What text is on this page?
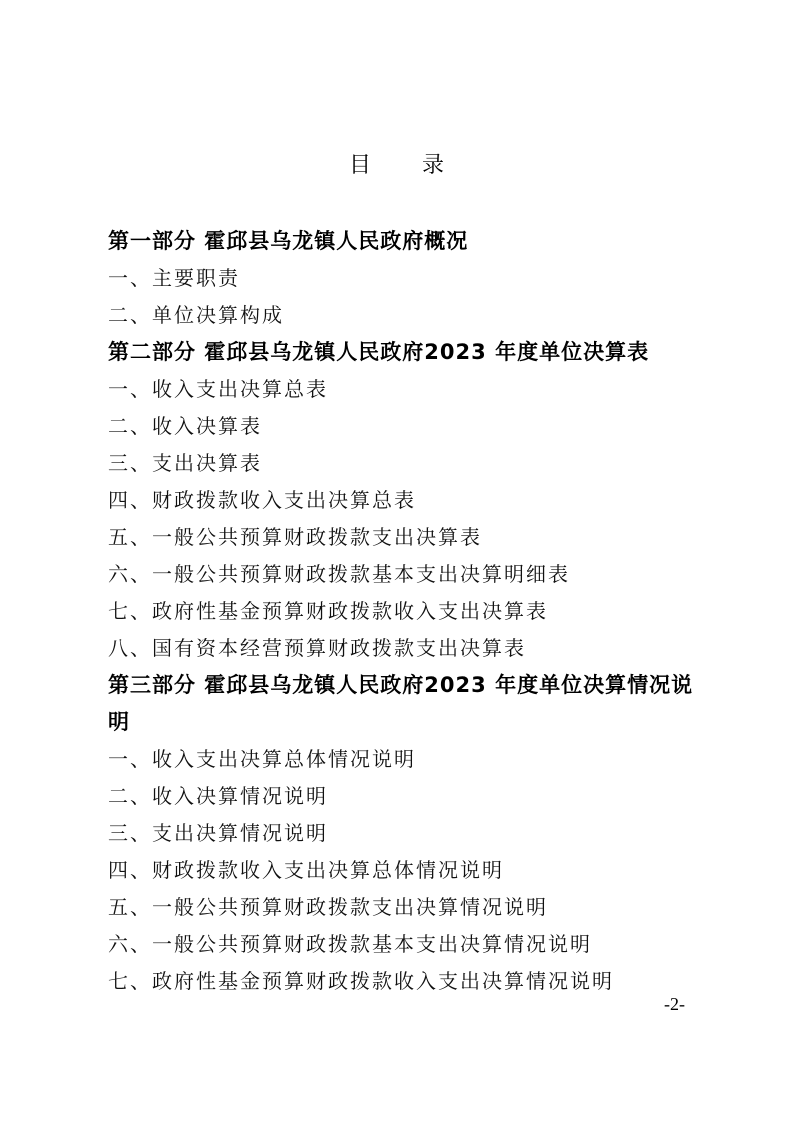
目 录
第一部分 霍邱县乌龙镇人民政府概况
一、主要职责
二、单位决算构成
第二部分 霍邱县乌龙镇人民政府2023 年度单位决算表
一、收入支出决算总表
二、收入决算表
三、支出决算表
四、财政拨款收入支出决算总表
五、一般公共预算财政拨款支出决算表
六、一般公共预算财政拨款基本支出决算明细表
七、政府性基金预算财政拨款收入支出决算表
八、国有资本经营预算财政拨款支出决算表
第三部分 霍邱县乌龙镇人民政府2023 年度单位决算情况说明
一、收入支出决算总体情况说明
二、收入决算情况说明
三、支出决算情况说明
四、财政拨款收入支出决算总体情况说明
五、一般公共预算财政拨款支出决算情况说明
六、一般公共预算财政拨款基本支出决算情况说明
七、政府性基金预算财政拨款收入支出决算情况说明
-2-
